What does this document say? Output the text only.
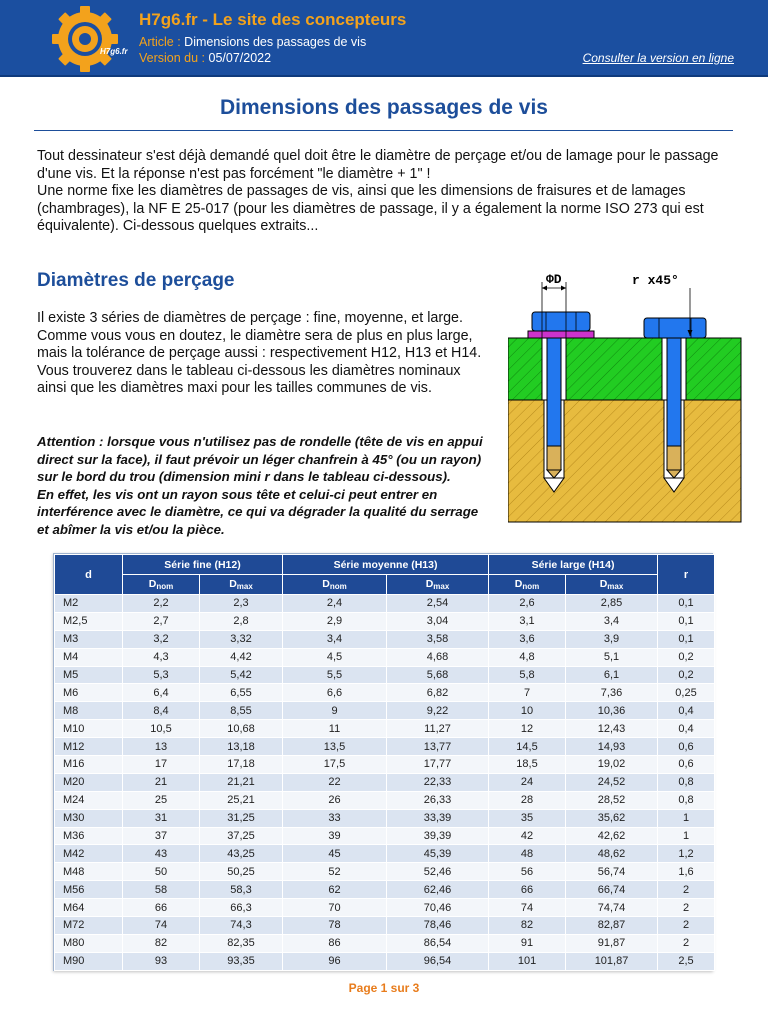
H7g6.fr
H7g6.fr - Le site des concepteurs
Article : Dimensions des passages de vis
Version du : 05/07/2022	Consulter la version en ligne
Dimensions des passages de vis

Tout dessinateur s'est déjà demandé quel doit être le diamètre de perçage et/ou de lamage pour le passage d'une vis. Et la réponse n'est pas forcément "le diamètre + 1" !

Une norme fixe les diamètres de passages de vis, ainsi que les dimensions de fraisures et de lamages (chambrages), la NF E 25-017 (pour les diamètres de passage, il y a également la norme ISO 273 qui est équivalente). Ci-dessous quelques extraits...

Diamètres de perçage

Il existe 3 séries de diamètres de perçage : fine, moyenne, et large. Comme vous vous en doutez, le diamètre sera de plus en plus large, mais la tolérance de perçage aussi : respectivement H12, H13 et H14.

Vous trouverez dans le tableau ci-dessous les diamètres nominaux ainsi que les diamètres maxi pour les tailles communes de vis.

Attention : lorsque vous n'utilisez pas de rondelle (tête de vis en appui direct sur la face), il faut prévoir un léger chanfrein à 45° (ou un rayon) sur le bord du trou (dimension mini r dans le tableau ci-dessous).

En effet, les vis ont un rayon sous tête et celui-ci peut entrer en interférence avec le diamètre, ce qui va dégrader la qualité du serrage et abîmer la vis et/ou la pièce.

ΦD	r x45°
d	Série fine (H12)		Série moyenne (H13)		Série large (H14)		r
	Dnom	Dmax	Dnom	Dmax	Dnom	Dmax	
M2	2,2	2,3	2,4	2,54	2,6	2,85	0,1
M2,5	2,7	2,8	2,9	3,04	3,1	3,4	0,1
M3	3,2	3,32	3,4	3,58	3,6	3,9	0,1
M4	4,3	4,42	4,5	4,68	4,8	5,1	0,2
M5	5,3	5,42	5,5	5,68	5,8	6,1	0,2
M6	6,4	6,55	6,6	6,82	7	7,36	0,25
M8	8,4	8,55	9	9,22	10	10,36	0,4
M10	10,5	10,68	11	11,27	12	12,43	0,4
M12	13	13,18	13,5	13,77	14,5	14,93	0,6
M16	17	17,18	17,5	17,77	18,5	19,02	0,6
M20	21	21,21	22	22,33	24	24,52	0,8
M24	25	25,21	26	26,33	28	28,52	0,8
M30	31	31,25	33	33,39	35	35,62	1
M36	37	37,25	39	39,39	42	42,62	1
M42	43	43,25	45	45,39	48	48,62	1,2
M48	50	50,25	52	52,46	56	56,74	1,6
M56	58	58,3	62	62,46	66	66,74	2
M64	66	66,3	70	70,46	74	74,74	2
M72	74	74,3	78	78,46	82	82,87	2
M80	82	82,35	86	86,54	91	91,87	2
M90	93	93,35	96	96,54	101	101,87	2,5
Page 1 sur 3
